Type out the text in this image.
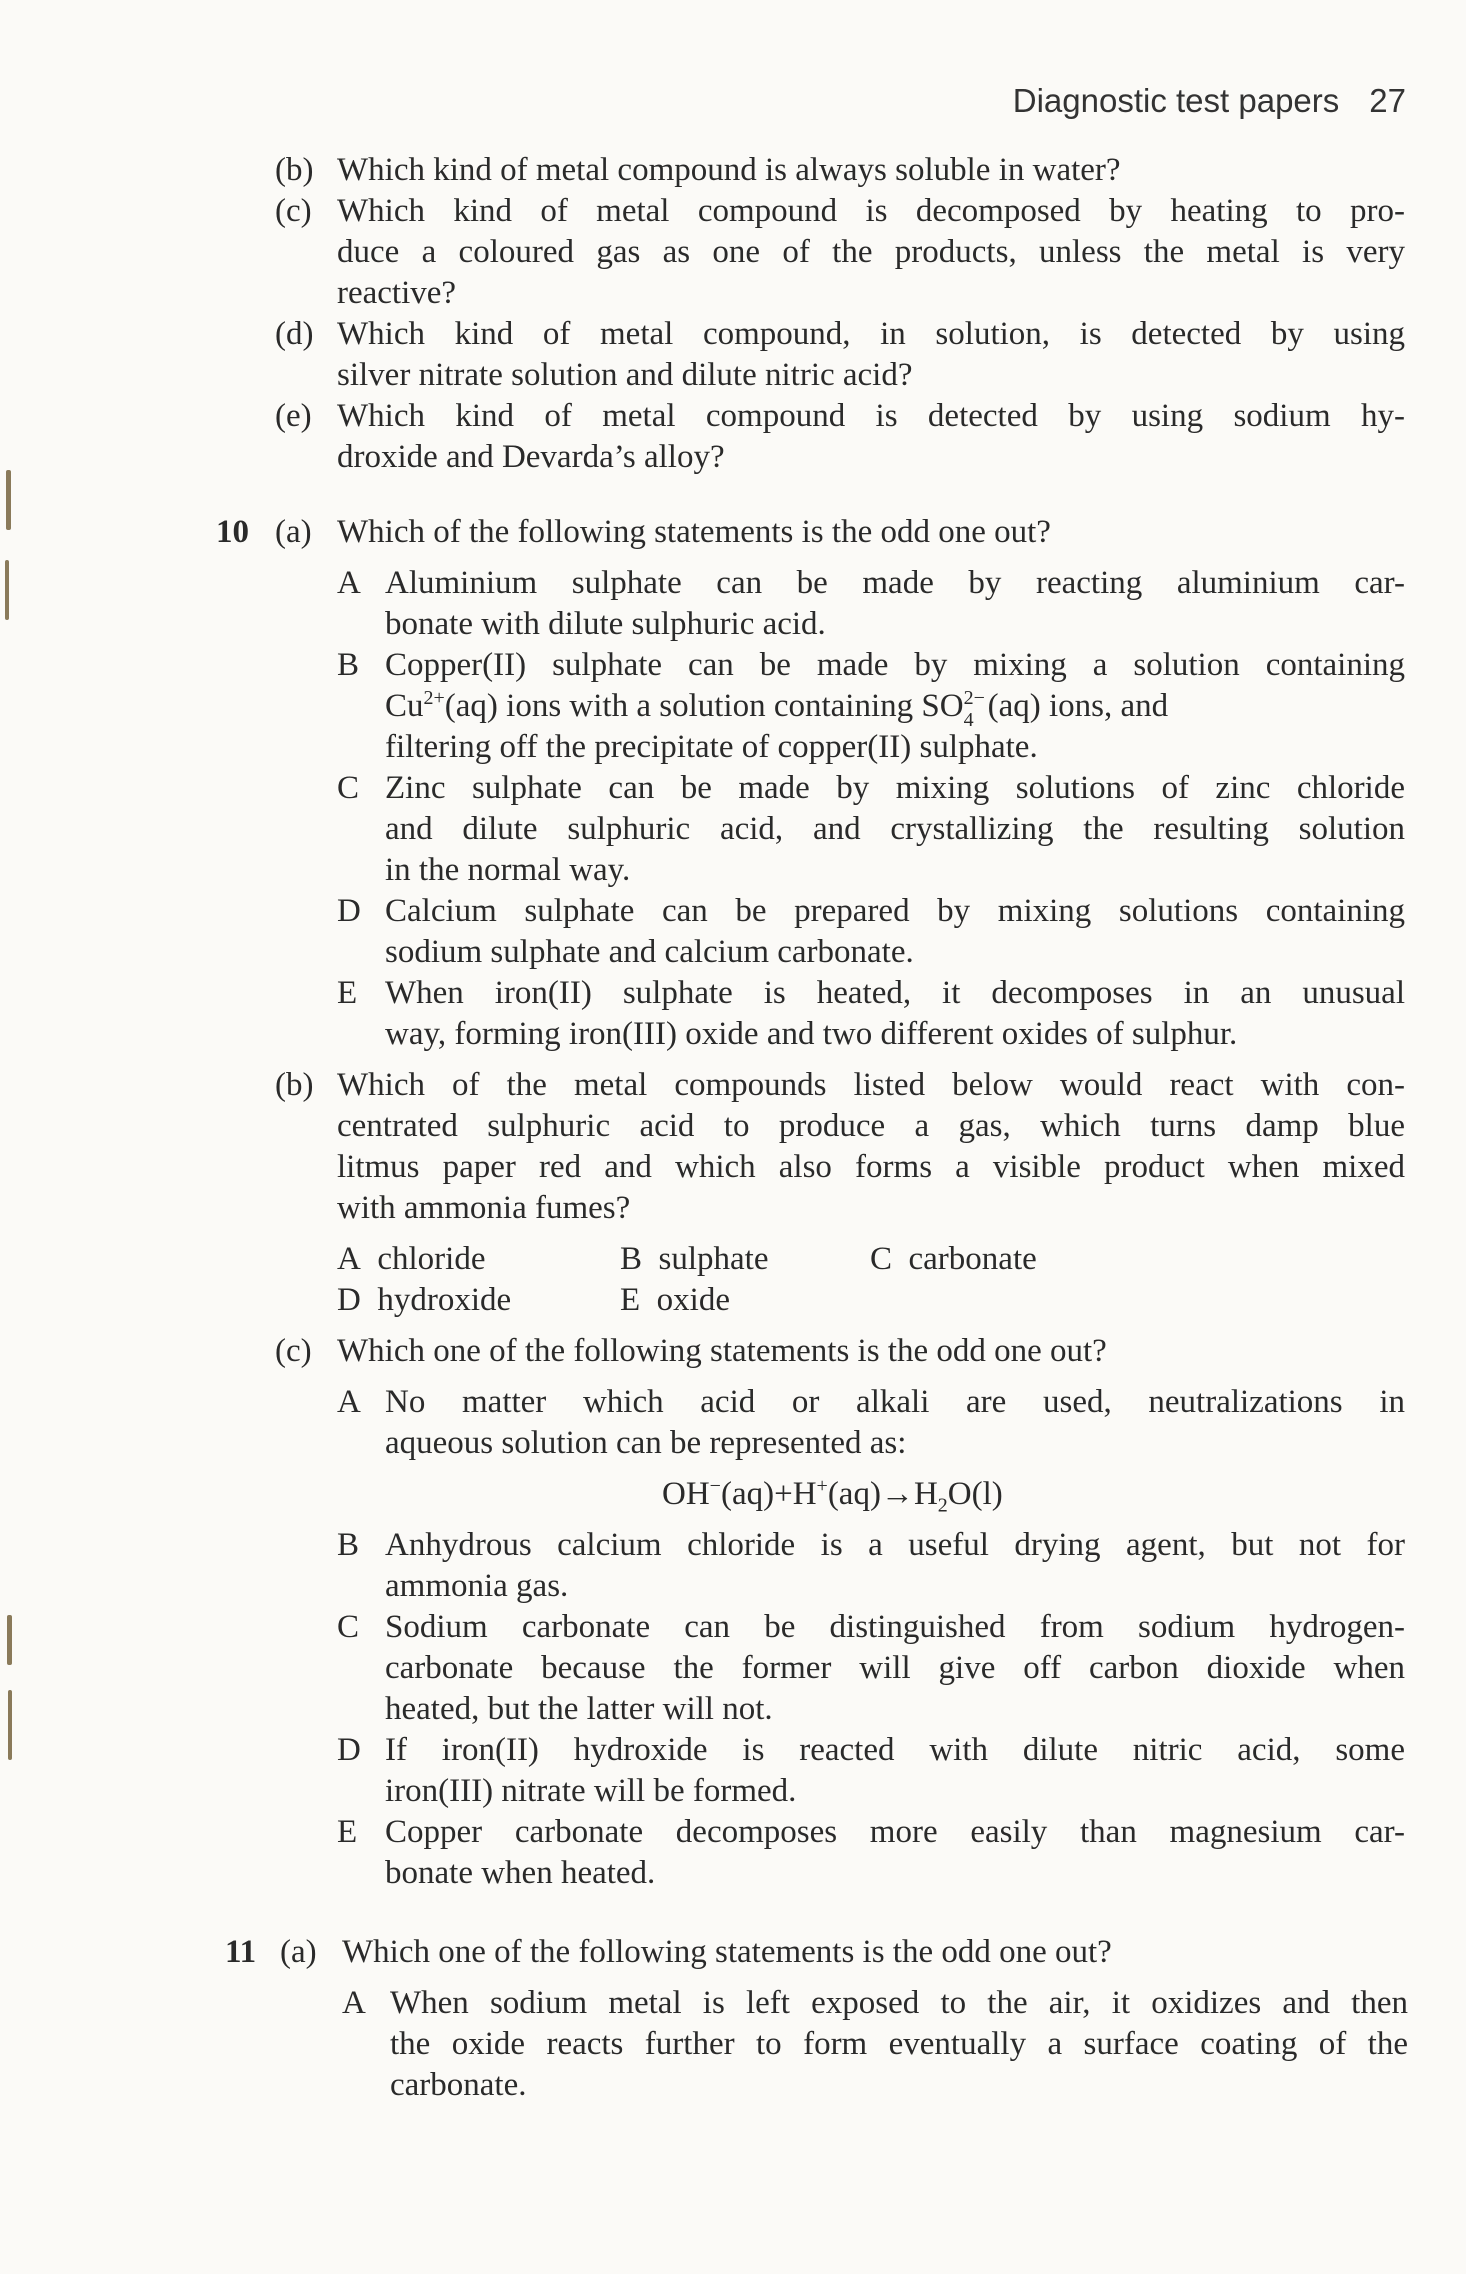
Diagnostic test papers 27
(b) Which kind of metal compound is always soluble in water?
(c) Which kind of metal compound is decomposed by heating to pro-
duce a coloured gas as one of the products, unless the metal is very
reactive?
(d) Which kind of metal compound, in solution, is detected by using
silver nitrate solution and dilute nitric acid?
(e) Which kind of metal compound is detected by using sodium hy-
droxide and Devarda’s alloy?
10 (a) Which of the following statements is the odd one out?
A Aluminium sulphate can be made by reacting aluminium car-
bonate with dilute sulphuric acid.
B Copper(II) sulphate can be made by mixing a solution containing
$Cu^{2+}(aq)$ ions with a solution containing SO 2−
4 (aq) ions, and
filtering off the precipitate of copper(II) sulphate.
C Zinc sulphate can be made by mixing solutions of zinc chloride
and dilute sulphuric acid, and crystallizing the resulting solution
in the normal way.
D Calcium sulphate can be prepared by mixing solutions containing
sodium sulphate and calcium carbonate.
E When iron(II) sulphate is heated, it decomposes in an unusual
way, forming iron(III) oxide and two different oxides of sulphur.
(b) Which of the metal compounds listed below would react with con-
centrated sulphuric acid to produce a gas, which turns damp blue
litmus paper red and which also forms a visible product when mixed
with ammonia fumes?
A chloride	B sulphate	C carbonate
D hydroxide	E oxide
(c) Which one of the following statements is the odd one out?
A No matter which acid or alkali are used, neutralizations in
aqueous solution can be represented as:
$OH^-(aq)+H^+(aq)\to H_2O(l)$
B Anhydrous calcium chloride is a useful drying agent, but not for
ammonia gas.
C Sodium carbonate can be distinguished from sodium hydrogen-
carbonate because the former will give off carbon dioxide when
heated, but the latter will not.
D If iron(II) hydroxide is reacted with dilute nitric acid, some
iron(III) nitrate will be formed.
E Copper carbonate decomposes more easily than magnesium car-
bonate when heated.
11 (a) Which one of the following statements is the odd one out?
A When sodium metal is left exposed to the air, it oxidizes and then
the oxide reacts further to form eventually a surface coating of the
carbonate.
